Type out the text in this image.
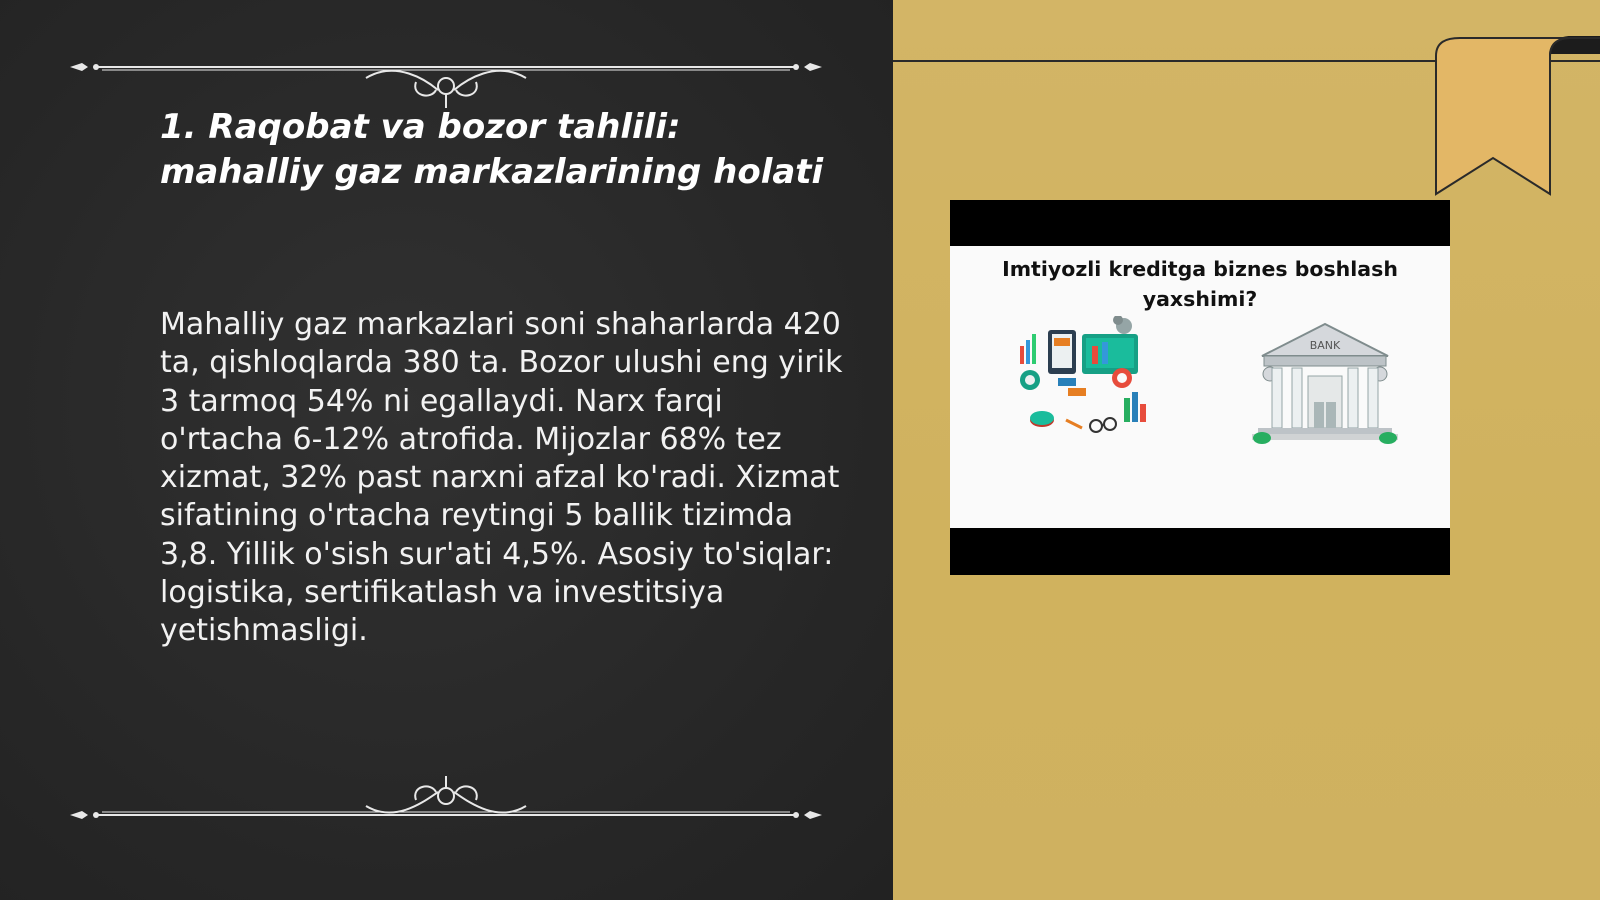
1. Raqobat va bozor tahlili: mahalliy gaz markazlarining holati

Mahalliy gaz markazlari soni shaharlarda 420 ta, qishloqlarda 380 ta. Bozor ulushi eng yirik 3 tarmoq 54% ni egallaydi. Narx farqi o'rtacha 6-12% atrofida. Mijozlar 68% tez xizmat, 32% past narxni afzal ko'radi. Xizmat sifatining o'rtacha reytingi 5 ballik tizimda 3,8. Yillik o'sish sur'ati 4,5%. Asosiy to'siqlar: logistika, sertifikatlash va investitsiya yetishmasligi.

Imtiyozli kreditga biznes boshlash yaxshimi?

BANK
